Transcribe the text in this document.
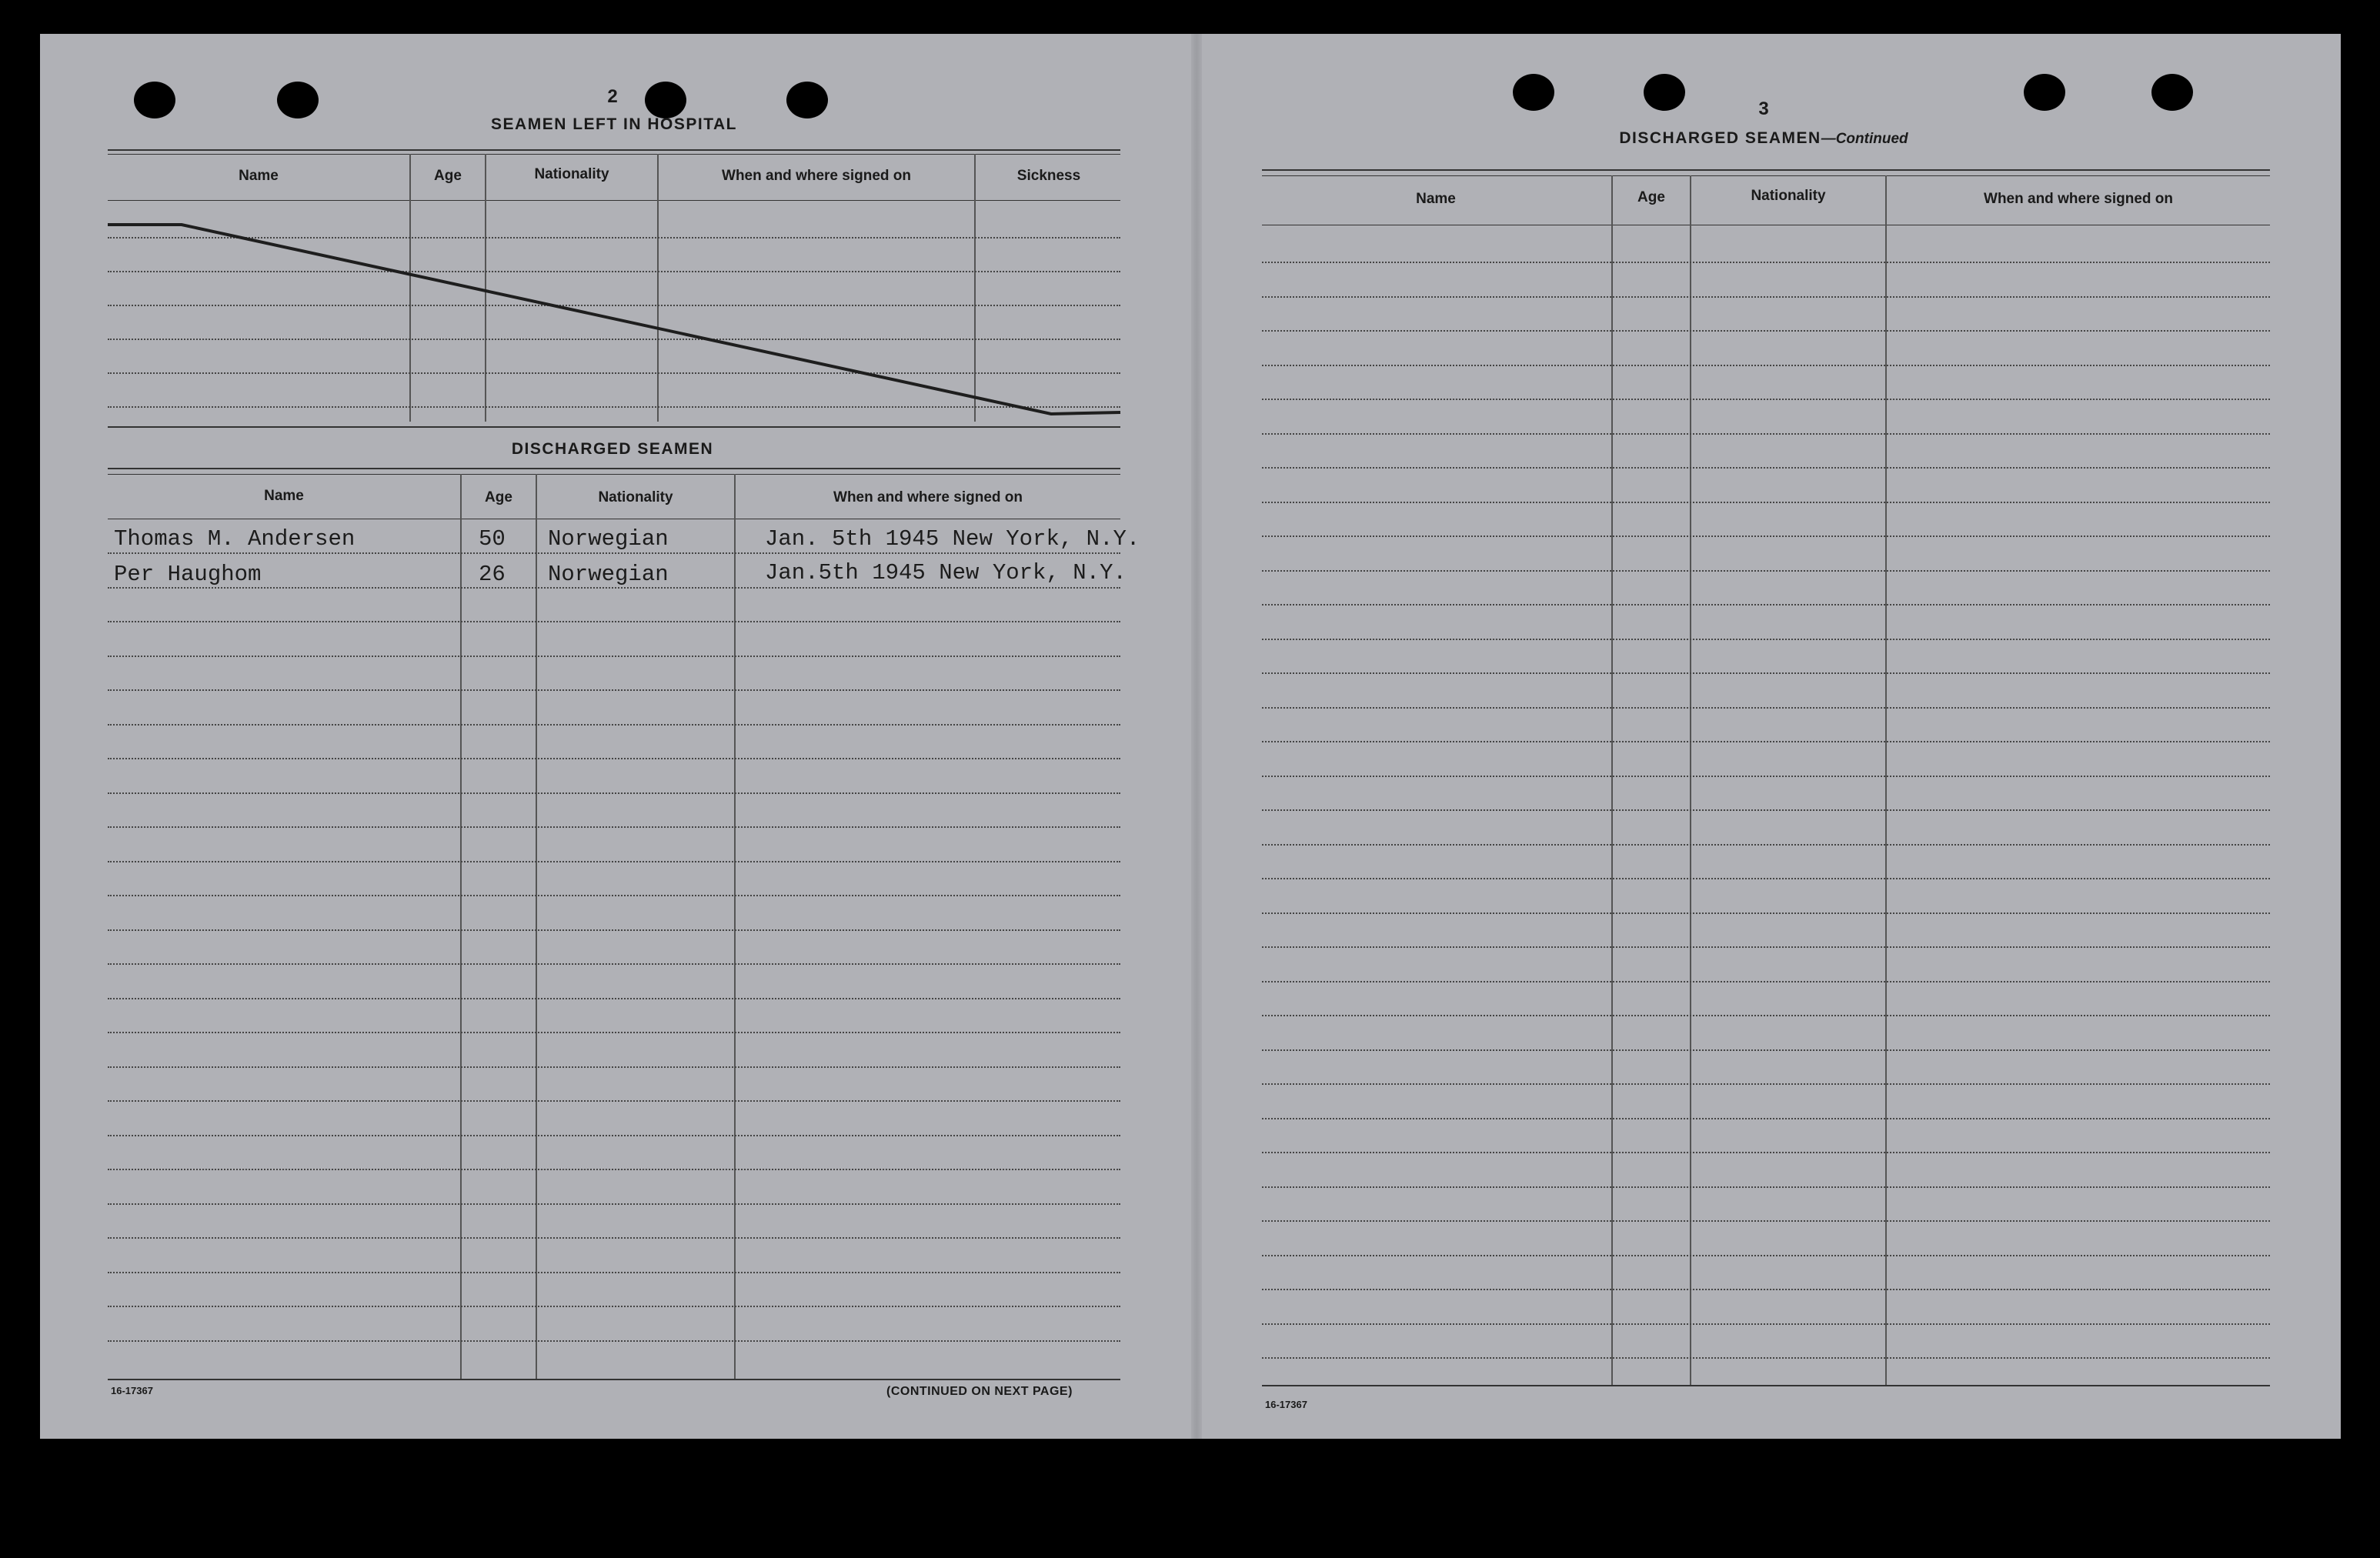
2
SEAMEN LEFT IN HOSPITAL
Name	Age	Nationality	When and where signed on	Sickness
DISCHARGED SEAMEN
Name	Age	Nationality	When and where signed on
Thomas M. Andersen	50 Norwegian	Jan. 5th 1945 New York, N.Y.
Per Haughom	26 Norwegian	Jan.5th 1945 New York, N.Y.
16-17367	(CONTINUED ON NEXT PAGE)
3
DISCHARGED SEAMEN—Continued
Name	Age	Nationality	When and where signed on
16-17367
